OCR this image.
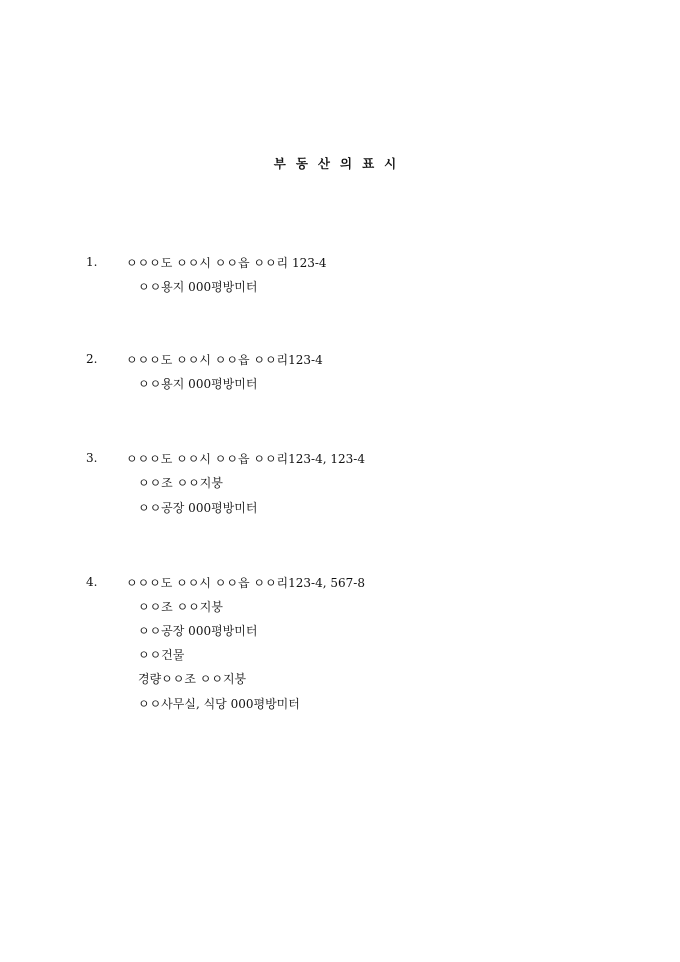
부동산의표시
1.	ㅇㅇㅇ도 ㅇㅇ시 ㅇㅇ읍 ㅇㅇ리 123-4
ㅇㅇ용지 000평방미터
2.	ㅇㅇㅇ도 ㅇㅇ시 ㅇㅇ읍 ㅇㅇ리123-4
ㅇㅇ용지 000평방미터
3.	ㅇㅇㅇ도 ㅇㅇ시 ㅇㅇ읍 ㅇㅇ리123-4, 123-4
ㅇㅇ조 ㅇㅇ지붕
ㅇㅇ공장 000평방미터
4.	ㅇㅇㅇ도 ㅇㅇ시 ㅇㅇ읍 ㅇㅇ리123-4, 567-8
ㅇㅇ조 ㅇㅇ지붕
ㅇㅇ공장 000평방미터
ㅇㅇ건물
경량ㅇㅇ조 ㅇㅇ지붕
ㅇㅇ사무실, 식당 000평방미터
